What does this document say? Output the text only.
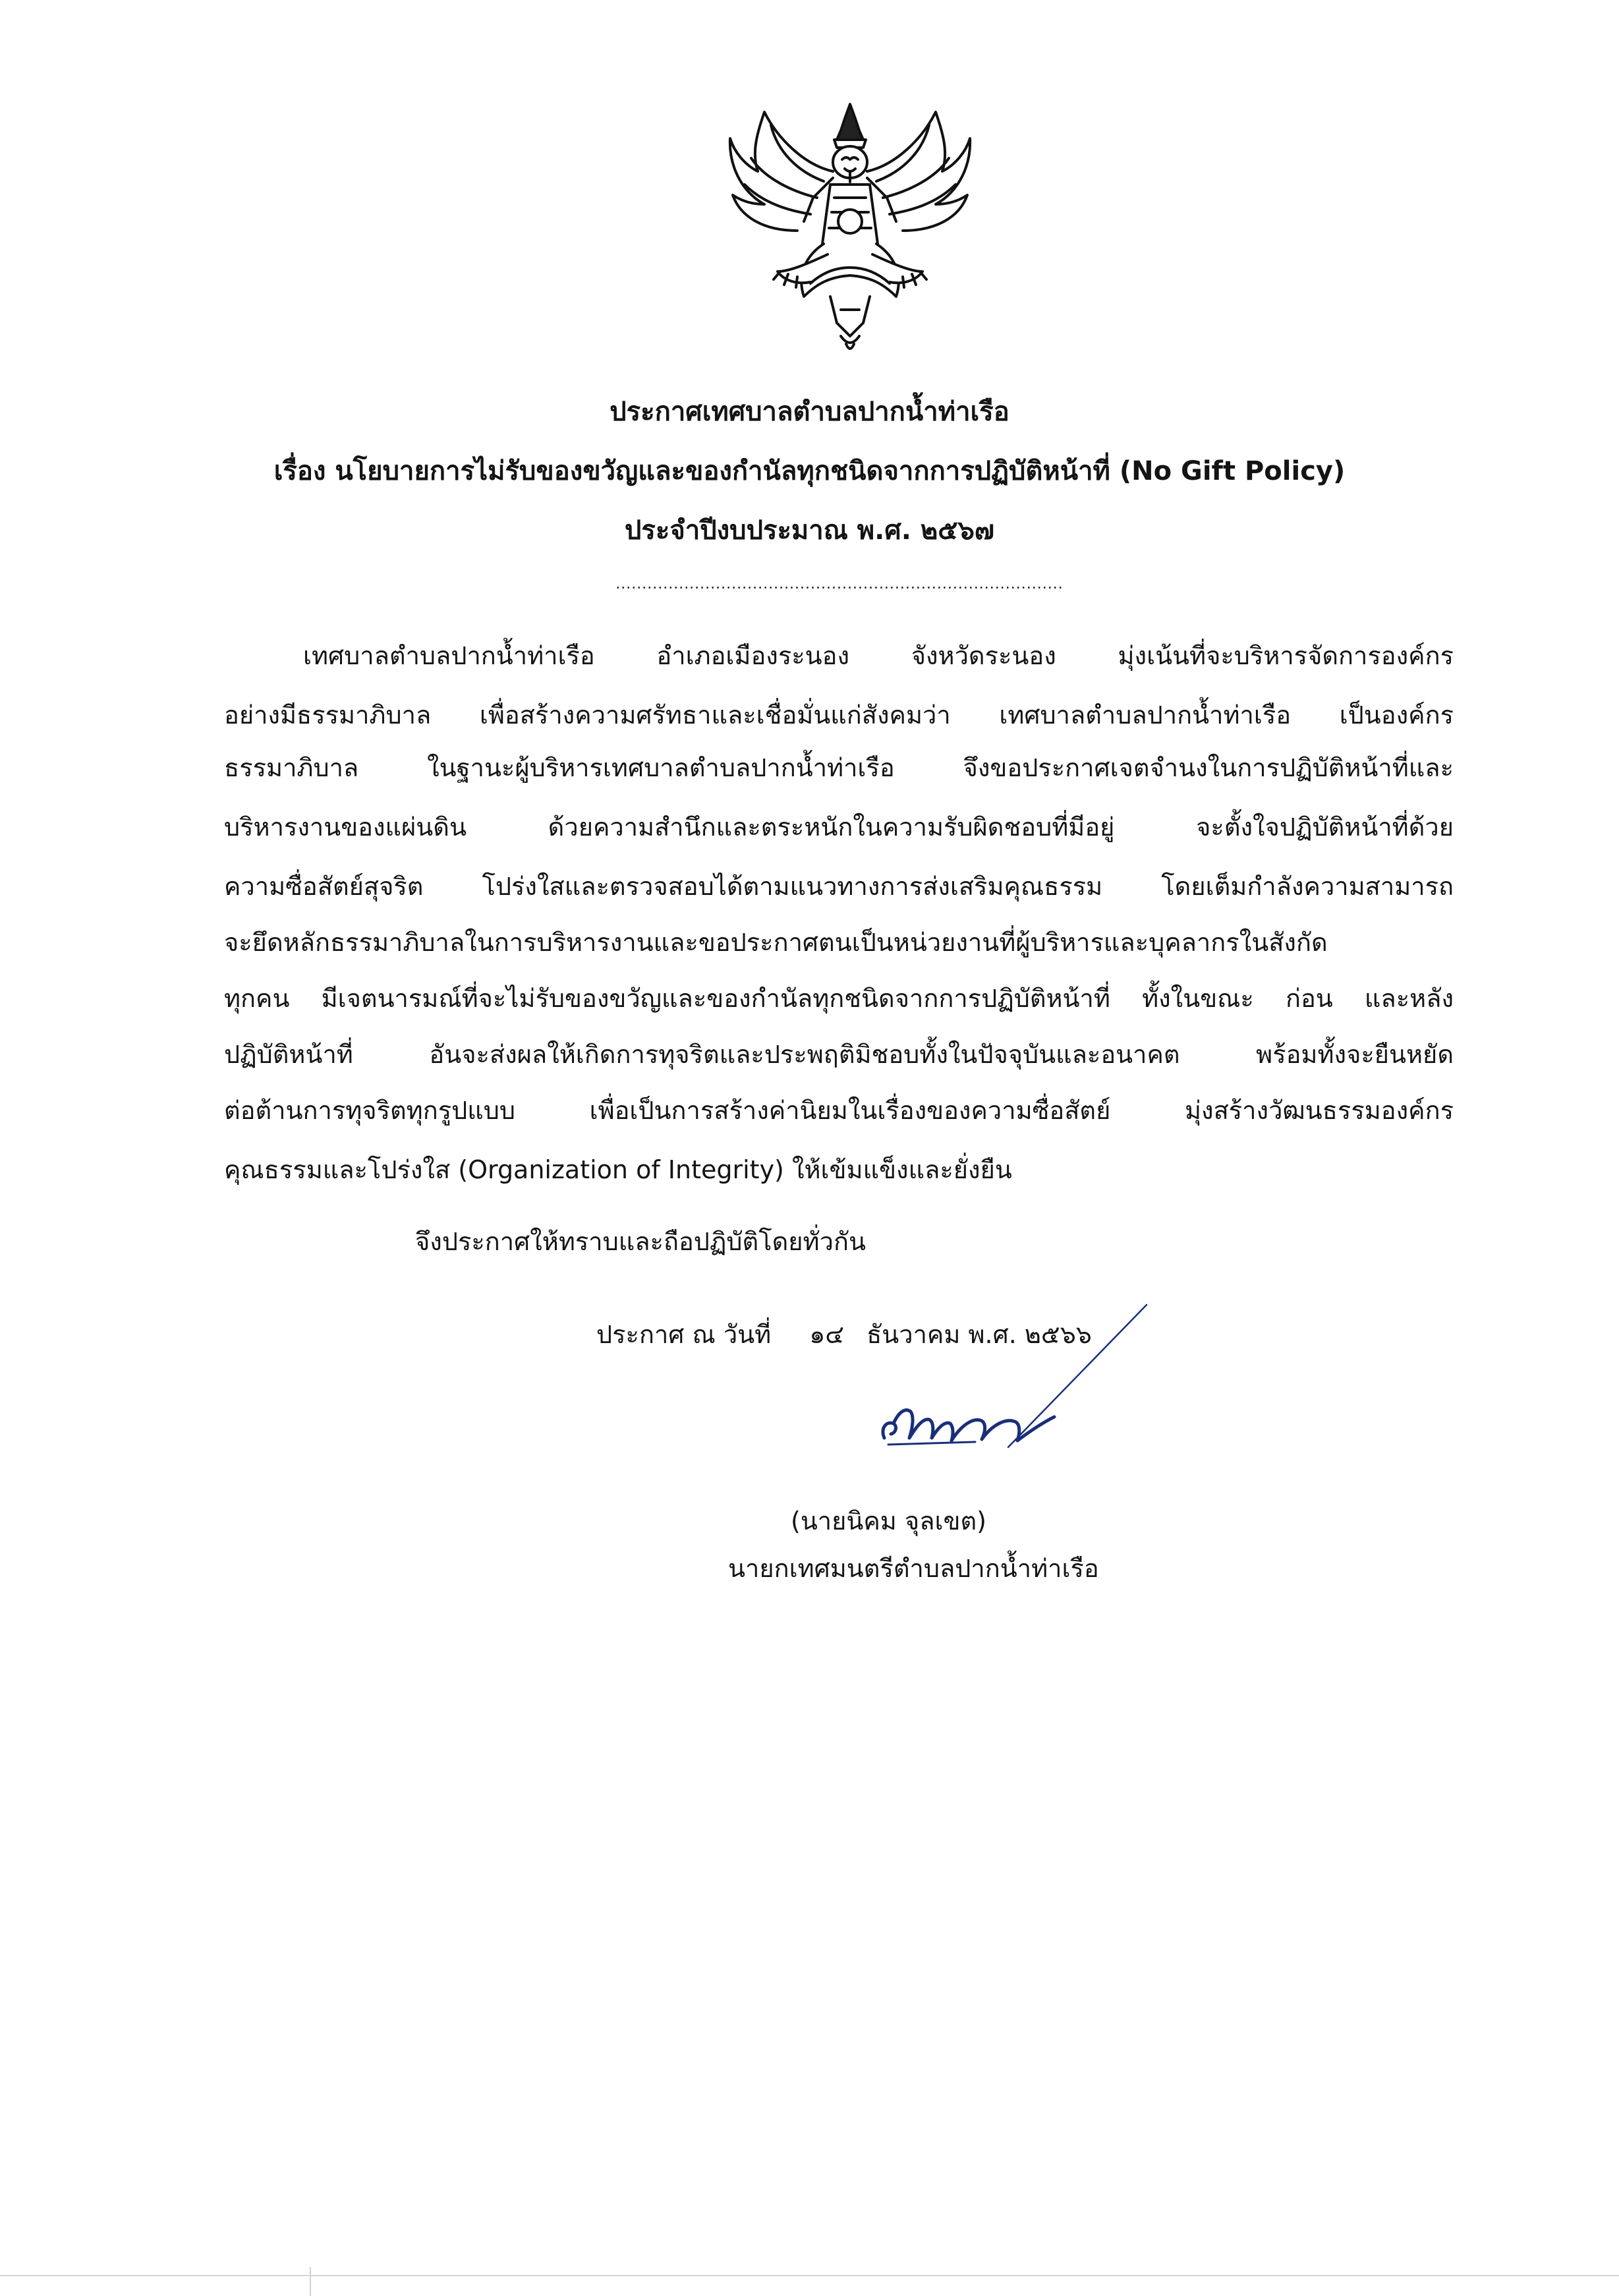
ประกาศเทศบาลตำบลปากน้ำท่าเรือ
เรื่อง นโยบายการไม่รับของขวัญและของกำนัลทุกชนิดจากการปฏิบัติหน้าที่ (No Gift Policy)
ประจำปีงบประมาณ พ.ศ. ๒๕๖๗
.....................................................................................
เทศบาลตำบลปากน้ำท่าเรือ อำเภอเมืองระนอง จังหวัดระนอง มุ่งเน้นที่จะบริหารจัดการองค์กร
อย่างมีธรรมาภิบาล เพื่อสร้างความศรัทธาและเชื่อมั่นแก่สังคมว่า เทศบาลตำบลปากน้ำท่าเรือ เป็นองค์กร
ธรรมาภิบาล ในฐานะผู้บริหารเทศบาลตำบลปากน้ำท่าเรือ จึงขอประกาศเจตจำนงในการปฏิบัติหน้าที่และ
บริหารงานของแผ่นดิน ด้วยความสำนึกและตระหนักในความรับผิดชอบที่มีอยู่ จะตั้งใจปฏิบัติหน้าที่ด้วย
ความซื่อสัตย์สุจริต โปร่งใสและตรวจสอบได้ตามแนวทางการส่งเสริมคุณธรรม โดยเต็มกำลังความสามารถ
จะยึดหลักธรรมาภิบาลในการบริหารงานและขอประกาศตนเป็นหน่วยงานที่ผู้บริหารและบุคลากรในสังกัด
ทุกคน มีเจตนารมณ์ที่จะไม่รับของขวัญและของกำนัลทุกชนิดจากการปฏิบัติหน้าที่ ทั้งในขณะ ก่อน และหลัง
ปฏิบัติหน้าที่ อันจะส่งผลให้เกิดการทุจริตและประพฤติมิชอบทั้งในปัจจุบันและอนาคต พร้อมทั้งจะยืนหยัด
ต่อต้านการทุจริตทุกรูปแบบ เพื่อเป็นการสร้างค่านิยมในเรื่องของความซื่อสัตย์ มุ่งสร้างวัฒนธรรมองค์กร
คุณธรรมและโปร่งใส (Organization of Integrity) ให้เข้มแข็งและยั่งยืน
จึงประกาศให้ทราบและถือปฏิบัติโดยทั่วกัน
ประกาศ ณ วันที่ ๑๔ ธันวาคม พ.ศ. ๒๕๖๖
(นายนิคม จุลเขต)
นายกเทศมนตรีตำบลปากน้ำท่าเรือ
